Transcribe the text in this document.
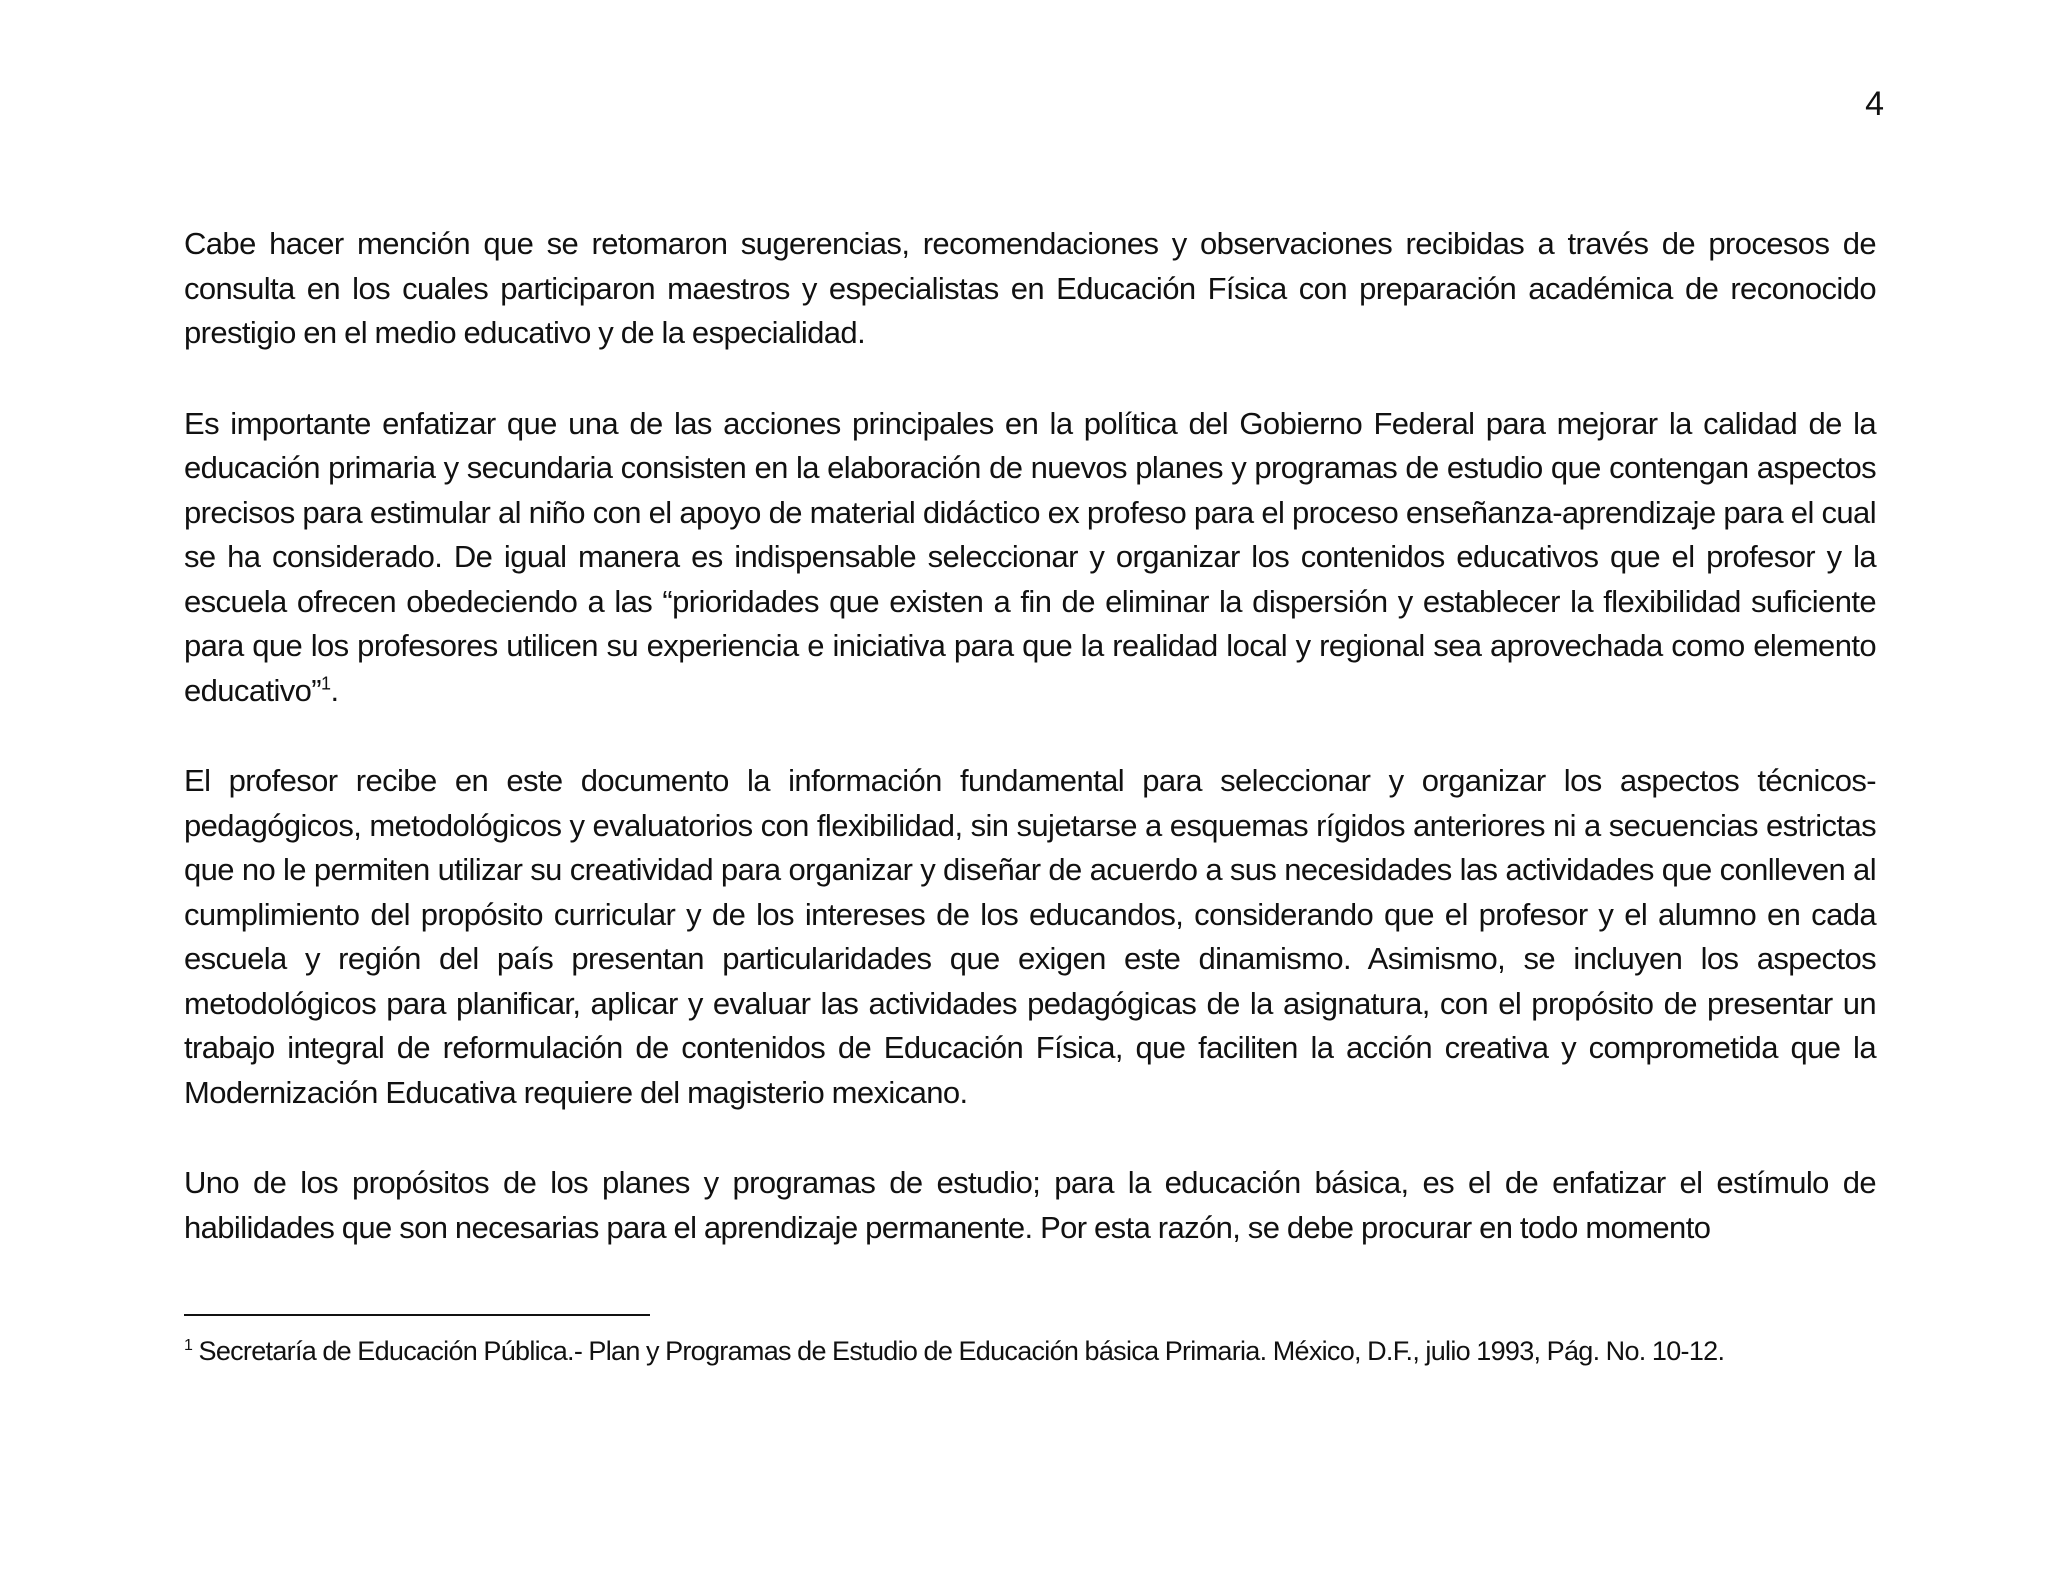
4

Cabe hacer mención que se retomaron sugerencias, recomendaciones y observaciones recibidas a través de procesos de consulta en los cuales participaron maestros y especialistas en Educación Física con preparación académica de reconocido prestigio en el medio educativo y de la especialidad.

Es importante enfatizar que una de las acciones principales en la política del Gobierno Federal para mejorar la calidad de la educación primaria y secundaria consisten en la elaboración de nuevos planes y programas de estudio que contengan aspectos precisos para estimular al niño con el apoyo de material didáctico ex profeso para el proceso enseñanza-aprendizaje para el cual se ha considerado. De igual manera es indispensable seleccionar y organizar los contenidos educativos que el profesor y la escuela ofrecen obedeciendo a las “prioridades que existen a fin de eliminar la dispersión y establecer la flexibilidad suficiente para que los profesores utilicen su experiencia e iniciativa para que la realidad local y regional sea aprovechada como elemento educativo”$^1$.

El profesor recibe en este documento la información fundamental para seleccionar y organizar los aspectos técnicos-pedagógicos, metodológicos y evaluatorios con flexibilidad, sin sujetarse a esquemas rígidos anteriores ni a secuencias estrictas que no le permiten utilizar su creatividad para organizar y diseñar de acuerdo a sus necesidades las actividades que conlleven al cumplimiento del propósito curricular y de los intereses de los educandos, considerando que el profesor y el alumno en cada escuela y región del país presentan particularidades que exigen este dinamismo. Asimismo, se incluyen los aspectos metodológicos para planificar, aplicar y evaluar las actividades pedagógicas de la asignatura, con el propósito de presentar un trabajo integral de reformulación de contenidos de Educación Física, que faciliten la acción creativa y comprometida que la Modernización Educativa requiere del magisterio mexicano.

Uno de los propósitos de los planes y programas de estudio; para la educación básica, es el de enfatizar el estímulo de habilidades que son necesarias para el aprendizaje permanente. Por esta razón, se debe procurar en todo momento

$^1$ Secretaría de Educación Pública.- Plan y Programas de Estudio de Educación básica Primaria. México, D.F., julio 1993, Pág. No. 10-12.
